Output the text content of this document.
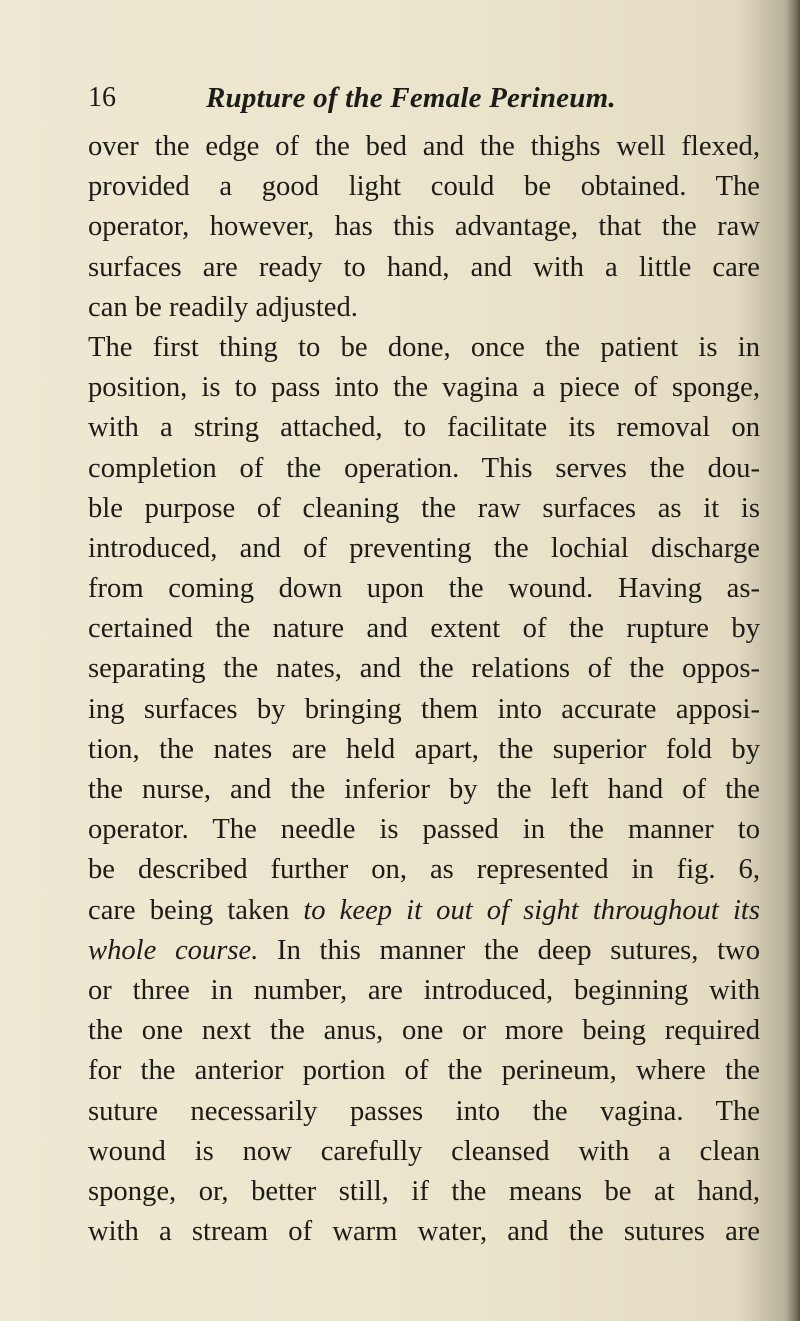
16	Rupture of the Female Perineum.
over the edge of the bed and the thighs well flexed,
provided a good light could be obtained. The
operator, however, has this advantage, that the raw
surfaces are ready to hand, and with a little care
can be readily adjusted.
The first thing to be done, once the patient is in
position, is to pass into the vagina a piece of sponge,
with a string attached, to facilitate its removal on
completion of the operation. This serves the dou-
ble purpose of cleaning the raw surfaces as it is
introduced, and of preventing the lochial discharge
from coming down upon the wound. Having as-
certained the nature and extent of the rupture by
separating the nates, and the relations of the oppos-
ing surfaces by bringing them into accurate apposi-
tion, the nates are held apart, the superior fold by
the nurse, and the inferior by the left hand of the
operator. The needle is passed in the manner to
be described further on, as represented in fig. 6,
care being taken to keep it out of sight throughout its
whole course. In this manner the deep sutures, two
or three in number, are introduced, beginning with
the one next the anus, one or more being required
for the anterior portion of the perineum, where the
suture necessarily passes into the vagina. The
wound is now carefully cleansed with a clean
sponge, or, better still, if the means be at hand,
with a stream of warm water, and the sutures are
